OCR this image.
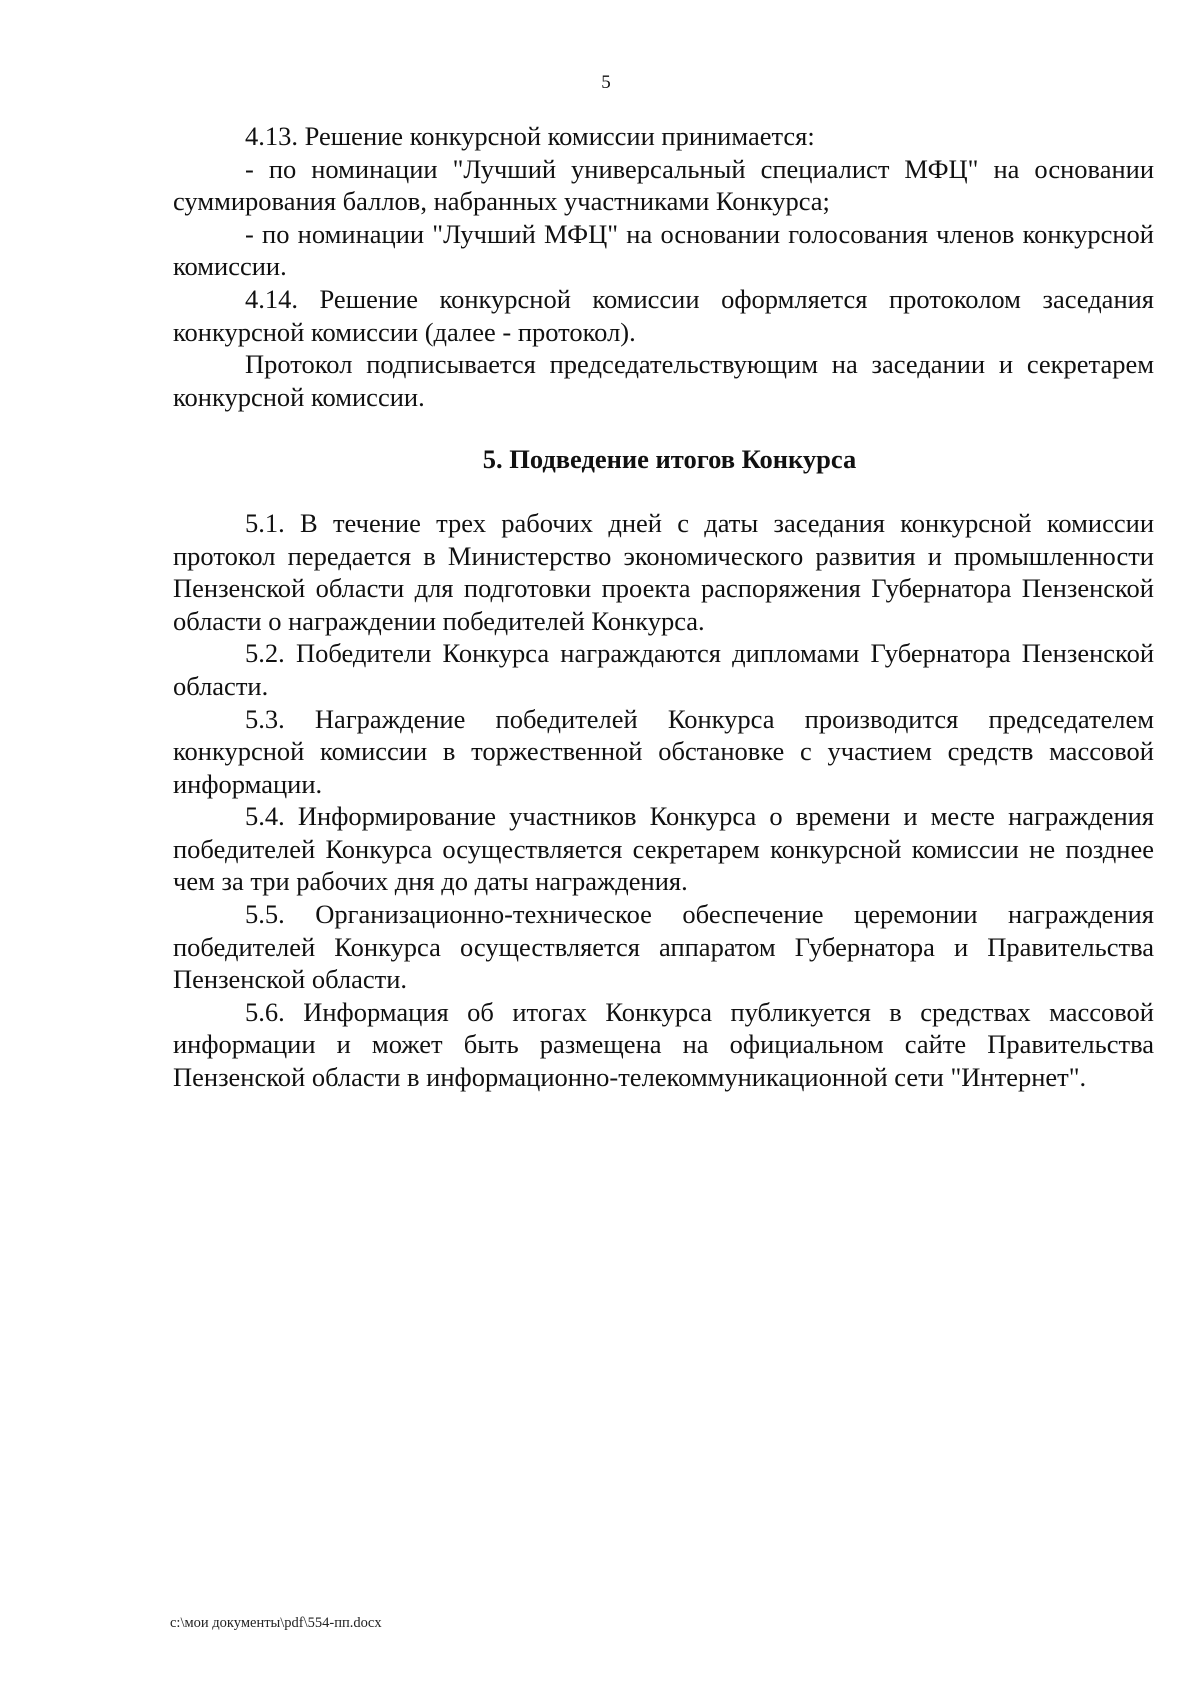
5

4.13. Решение конкурсной комиссии принимается:

- по номинации "Лучший универсальный специалист МФЦ" на основании суммирования баллов, набранных участниками Конкурса;

- по номинации "Лучший МФЦ" на основании голосования членов конкурсной комиссии.

4.14. Решение конкурсной комиссии оформляется протоколом заседания конкурсной комиссии (далее - протокол).

Протокол подписывается председательствующим на заседании и секретарем конкурсной комиссии.

5. Подведение итогов Конкурса

5.1. В течение трех рабочих дней с даты заседания конкурсной комиссии протокол передается в Министерство экономического развития и промышленности Пензенской области для подготовки проекта распоряжения Губернатора Пензенской области о награждении победителей Конкурса.

5.2. Победители Конкурса награждаются дипломами Губернатора Пензенской области.

5.3. Награждение победителей Конкурса производится председателем конкурсной комиссии в торжественной обстановке с участием средств массовой информации.

5.4. Информирование участников Конкурса о времени и месте награждения победителей Конкурса осуществляется секретарем конкурсной комиссии не позднее чем за три рабочих дня до даты награждения.

5.5. Организационно-техническое обеспечение церемонии награждения победителей Конкурса осуществляется аппаратом Губернатора и Правительства Пензенской области.

5.6. Информация об итогах Конкурса публикуется в средствах массовой информации и может быть размещена на официальном сайте Правительства Пензенской области в информационно-телекоммуникационной сети "Интернет".

c:\мои документы\pdf\554-пп.docx
